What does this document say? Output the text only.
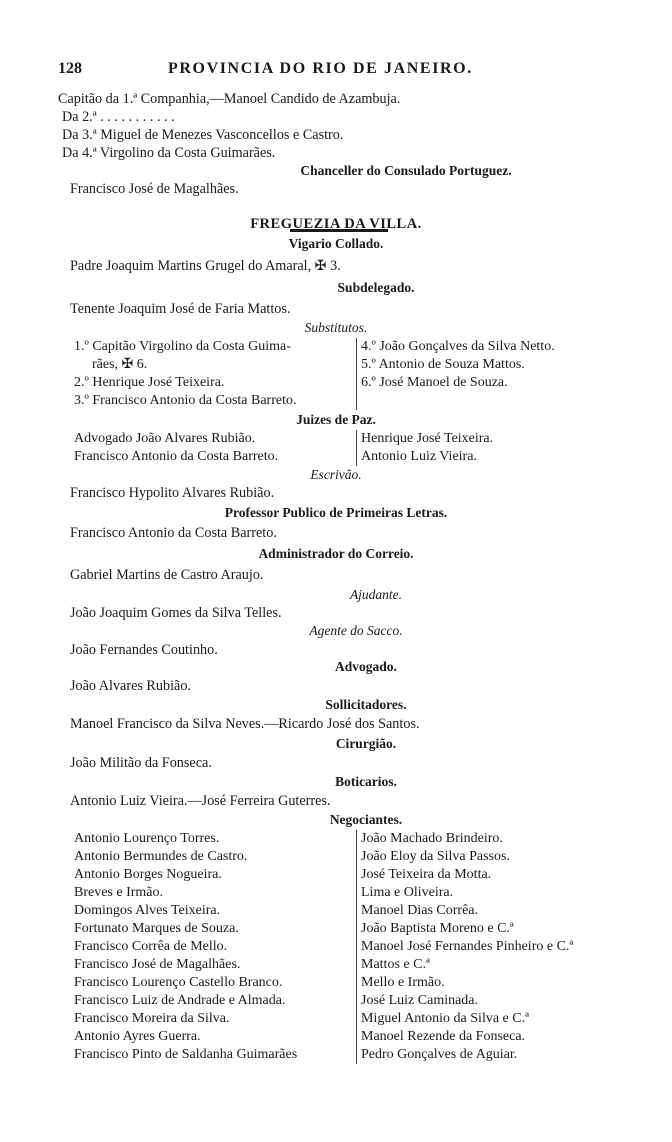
128	PROVINCIA DO RIO DE JANEIRO.
Capitão da 1.ª Companhia,—Manoel Candido de Azambuja.
Da 2.ª . . . . . . . . . . .
Da 3.ª Miguel de Menezes Vasconcellos e Castro.
Da 4.ª Virgolino da Costa Guimarães.
Chanceller do Consulado Portuguez.
Francisco José de Magalhães.
FREGUEZIA DA VILLA.
Vigario Collado.
Padre Joaquim Martins Grugel do Amaral, ✠ 3.
Subdelegado.
Tenente Joaquim José de Faria Mattos.
Substitutos.
1.º Capitão Virgolino da Costa Guima-
rães, ✠ 6.
2.º Henrique José Teixeira.
3.º Francisco Antonio da Costa Barreto.
4.º João Gonçalves da Silva Netto.
5.º Antonio de Souza Mattos.
6.º José Manoel de Souza.
Juizes de Paz.
Advogado João Alvares Rubião.
Francisco Antonio da Costa Barreto.
Henrique José Teixeira.
Antonio Luiz Vieira.
Escrivão.
Francisco Hypolito Alvares Rubião.
Professor Publico de Primeiras Letras.
Francisco Antonio da Costa Barreto.
Administrador do Correio.
Gabriel Martins de Castro Araujo.
Ajudante.
João Joaquim Gomes da Silva Telles.
Agente do Sacco.
João Fernandes Coutinho.
Advogado.
João Alvares Rubião.
Sollicitadores.
Manoel Francisco da Silva Neves.—Ricardo José dos Santos.
Cirurgião.
João Militão da Fonseca.
Boticarios.
Antonio Luiz Vieira.—José Ferreira Guterres.
Negociantes.
Antonio Lourenço Torres.
Antonio Bermundes de Castro.
Antonio Borges Nogueira.
Breves e Irmão.
Domingos Alves Teixeira.
Fortunato Marques de Souza.
Francisco Corrêa de Mello.
Francisco José de Magalhães.
Francisco Lourenço Castello Branco.
Francisco Luiz de Andrade e Almada.
Francisco Moreira da Silva.
Antonio Ayres Guerra.
Francisco Pinto de Saldanha Guimarães
João Machado Brindeiro.
João Eloy da Silva Passos.
José Teixeira da Motta.
Lima e Oliveira.
Manoel Dias Corrêa.
João Baptista Moreno e C.ª
Manoel José Fernandes Pinheiro e C.ª
Mattos e C.ª
Mello e Irmão.
José Luiz Caminada.
Miguel Antonio da Silva e C.ª
Manoel Rezende da Fonseca.
Pedro Gonçalves de Aguiar.
